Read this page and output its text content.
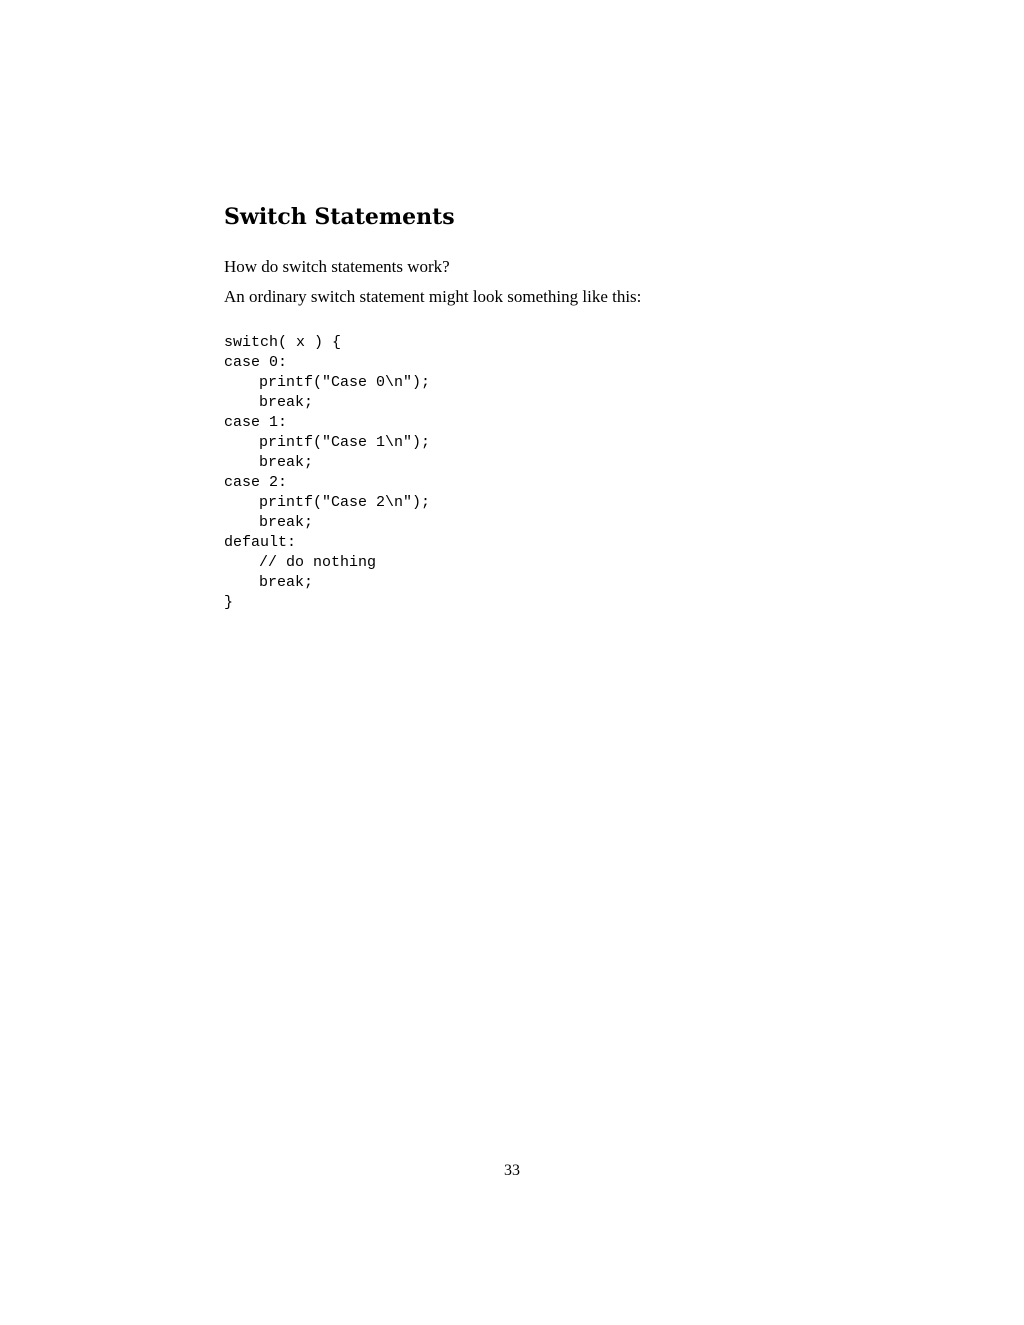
Switch Statements

How do switch statements work?

An ordinary switch statement might look something like this:

switch( x ) {
case 0:
printf("Case 0\n");
break;
case 1:
printf("Case 1\n");
break;
case 2:
printf("Case 2\n");
break;
default:
// do nothing
break;
}
33
